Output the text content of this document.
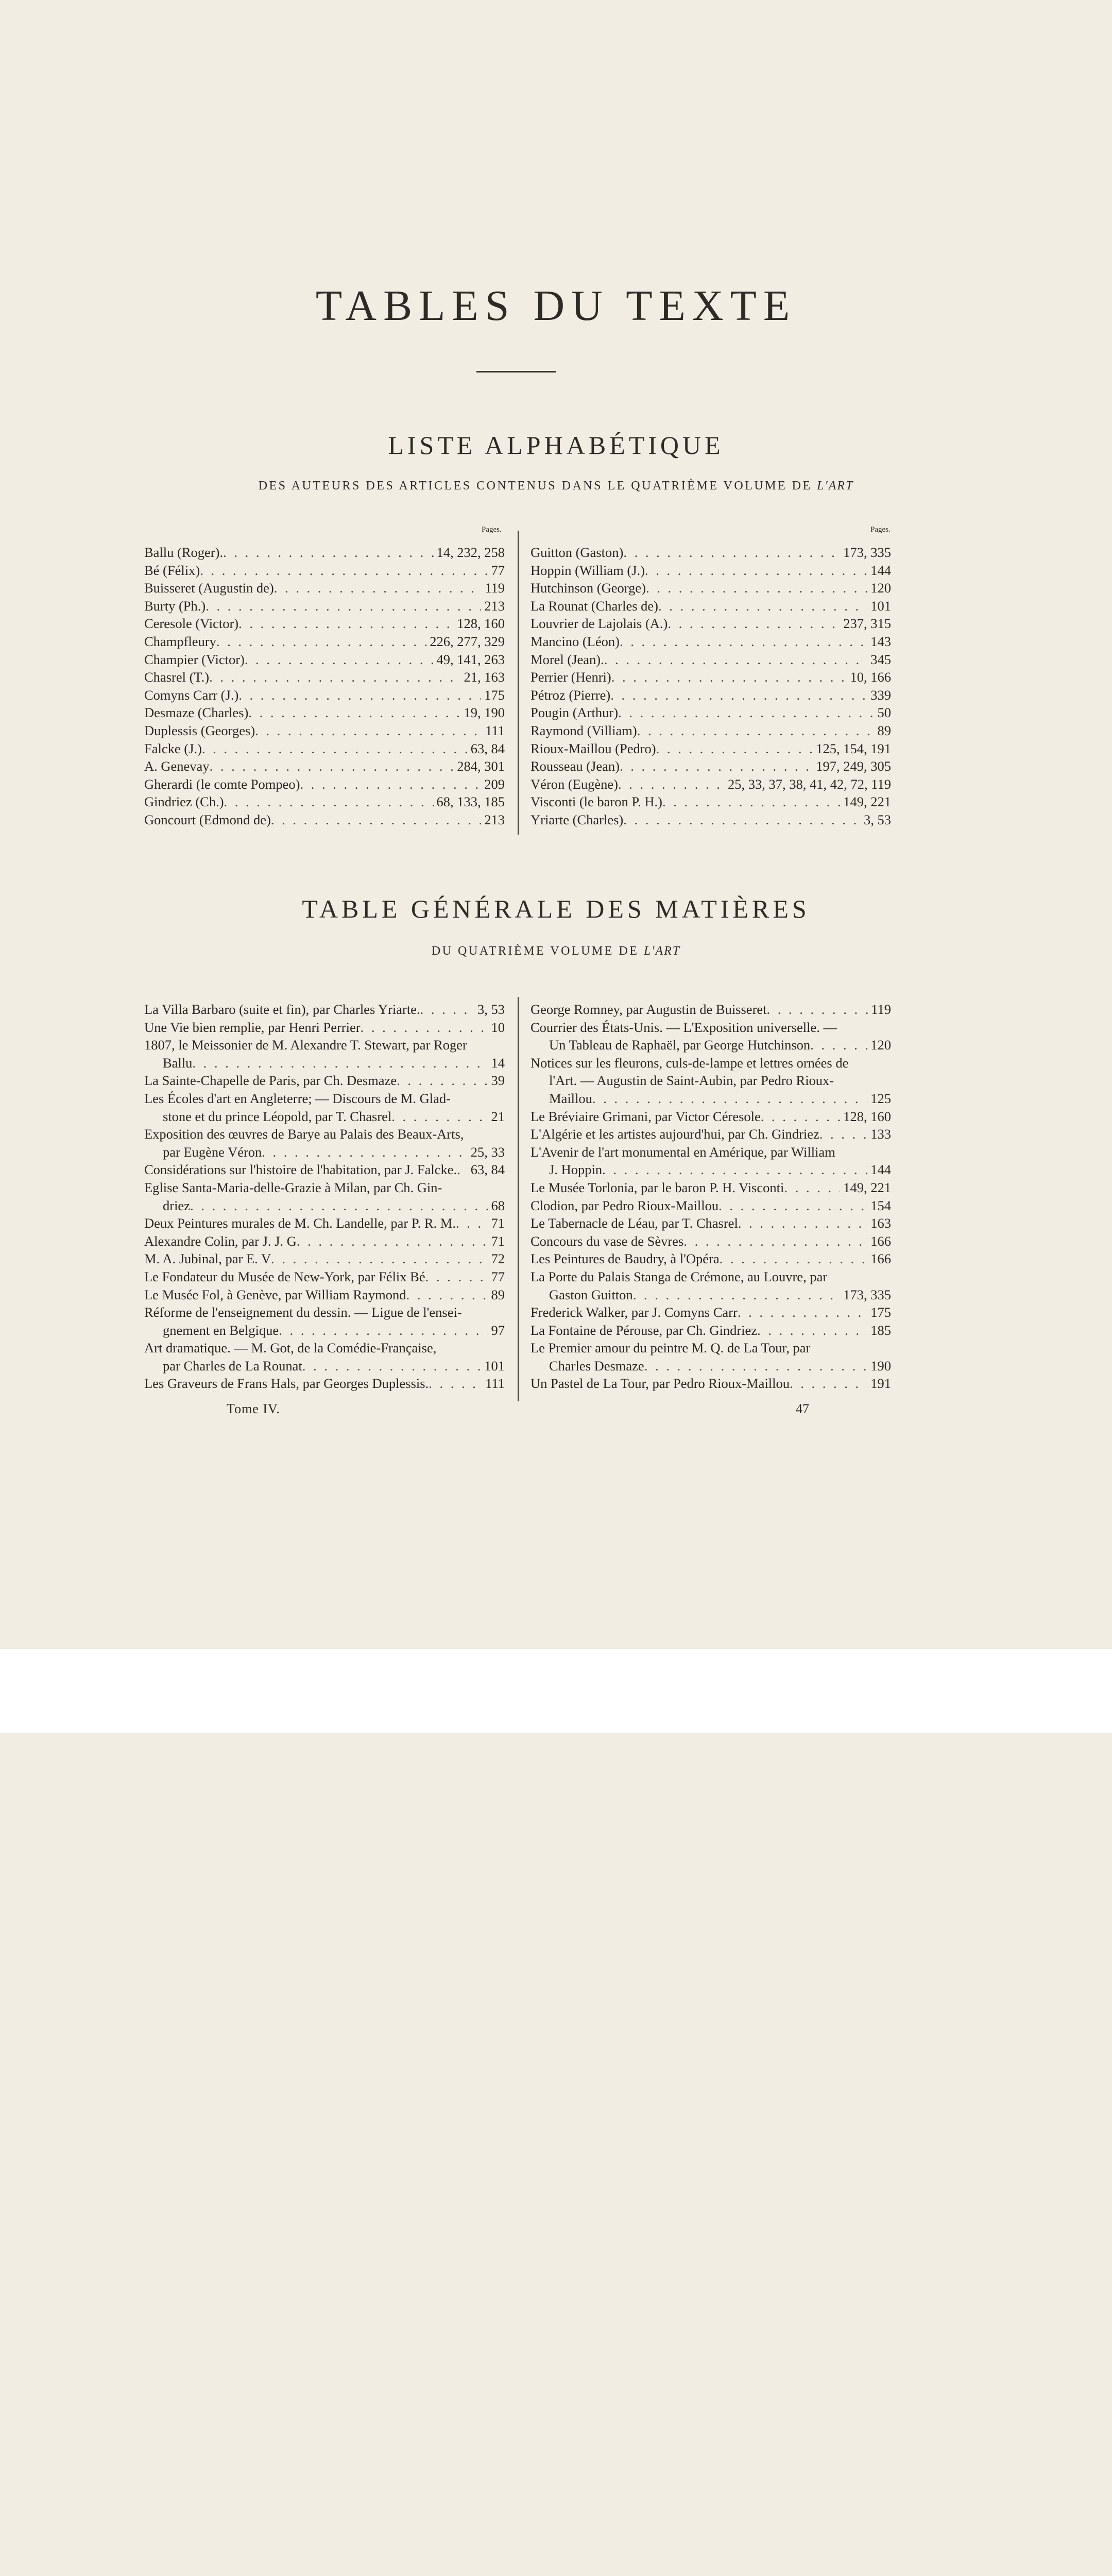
TABLES DU TEXTE
LISTE ALPHABÉTIQUE
DES AUTEURS DES ARTICLES CONTENUS DANS LE QUATRIÈME VOLUME DE L'ART
Pages.	Pages.
Ballu (Roger). . . .	14, 232, 258
Bé (Félix) . . .	77
Buisseret (Augustin de) . . .	119
Burty (Ph.) . . .	213
Ceresole (Victor) . . .	128, 160
Champfleury . . .	226, 277, 329
Champier (Victor) . . .	49, 141, 263
Chasrel (T.) . . .	21, 163
Comyns Carr (J.) . . .	175
Desmaze (Charles) . . .	19, 190
Duplessis (Georges) . . .	111
Falcke (J.) . . .	63, 84
A. Genevay . . .	284, 301
Gherardi (le comte Pompeo) . . .	209
Gindriez (Ch.) . . .	68, 133, 185
Goncourt (Edmond de) . . .	213
Guitton (Gaston) . . .	173, 335
Hoppin (William (J.) . . .	144
Hutchinson (George) . . .	120
La Rounat (Charles de) . . .	101
Louvrier de Lajolais (A.) . . .	237, 315
Mancino (Léon) . . .	143
Morel (Jean). . . .	345
Perrier (Henri) . . .	10, 166
Pétroz (Pierre) . . .	339
Pougin (Arthur) . . .	50
Raymond (Villiam) . . .	89
Rioux-Maillou (Pedro) . . .	125, 154, 191
Rousseau (Jean) . . .	197, 249, 305
Véron (Eugène) . . .	25, 33, 37, 38, 41, 42, 72, 119
Visconti (le baron P. H.) . . .	149, 221
Yriarte (Charles) . . .	3, 53
TABLE GÉNÉRALE DES MATIÈRES
DU QUATRIÈME VOLUME DE L'ART
La Villa Barbaro (suite et fin), par Charles Yriarte. . . .	3, 53
Une Vie bien remplie, par Henri Perrier . . .	10
1807, le Meissonier de M. Alexandre T. Stewart, par Roger
Ballu . . .	14
La Sainte-Chapelle de Paris, par Ch. Desmaze . . .	39
Les Écoles d'art en Angleterre; — Discours de M. Glad-
stone et du prince Léopold, par T. Chasrel . . .	21
Exposition des œuvres de Barye au Palais des Beaux-Arts,
par Eugène Véron . . .	25, 33
Considérations sur l'histoire de l'habitation, par J. Falcke. . . . 63, 84
Eglise Santa-Maria-delle-Grazie à Milan, par Ch. Gin-
driez . . .	68
Deux Peintures murales de M. Ch. Landelle, par P. R. M. . . .	71
Alexandre Colin, par J. J. G . . .	71
M. A. Jubinal, par E. V . . .	72
Le Fondateur du Musée de New-York, par Félix Bé . . .	77
Le Musée Fol, à Genève, par William Raymond . . .	89
Réforme de l'enseignement du dessin. — Ligue de l'ensei-
gnement en Belgique . . .	97
Art dramatique. — M. Got, de la Comédie-Française,
par Charles de La Rounat . . .	101
Les Graveurs de Frans Hals, par Georges Duplessis. . . .	111
George Romney, par Augustin de Buisseret . . .	119
Courrier des États-Unis. — L'Exposition universelle. —
Un Tableau de Raphaël, par George Hutchinson . . .	120
Notices sur les fleurons, culs-de-lampe et lettres ornées de
l'Art. — Augustin de Saint-Aubin, par Pedro Rioux-
Maillou . . .	125
Le Bréviaire Grimani, par Victor Céresole . . .	128, 160
L'Algérie et les artistes aujourd'hui, par Ch. Gindriez . . .	133
L'Avenir de l'art monumental en Amérique, par William
J. Hoppin . . .	144
Le Musée Torlonia, par le baron P. H. Visconti . . .	149, 221
Clodion, par Pedro Rioux-Maillou . . .	154
Le Tabernacle de Léau, par T. Chasrel . . .	163
Concours du vase de Sèvres . . .	166
Les Peintures de Baudry, à l'Opéra . . .	166
La Porte du Palais Stanga de Crémone, au Louvre, par
Gaston Guitton . . .	173, 335
Frederick Walker, par J. Comyns Carr . . .	175
La Fontaine de Pérouse, par Ch. Gindriez . . .	185
Le Premier amour du peintre M. Q. de La Tour, par
Charles Desmaze . . .	190
Un Pastel de La Tour, par Pedro Rioux-Maillou . . .	191
Tome IV.	47
